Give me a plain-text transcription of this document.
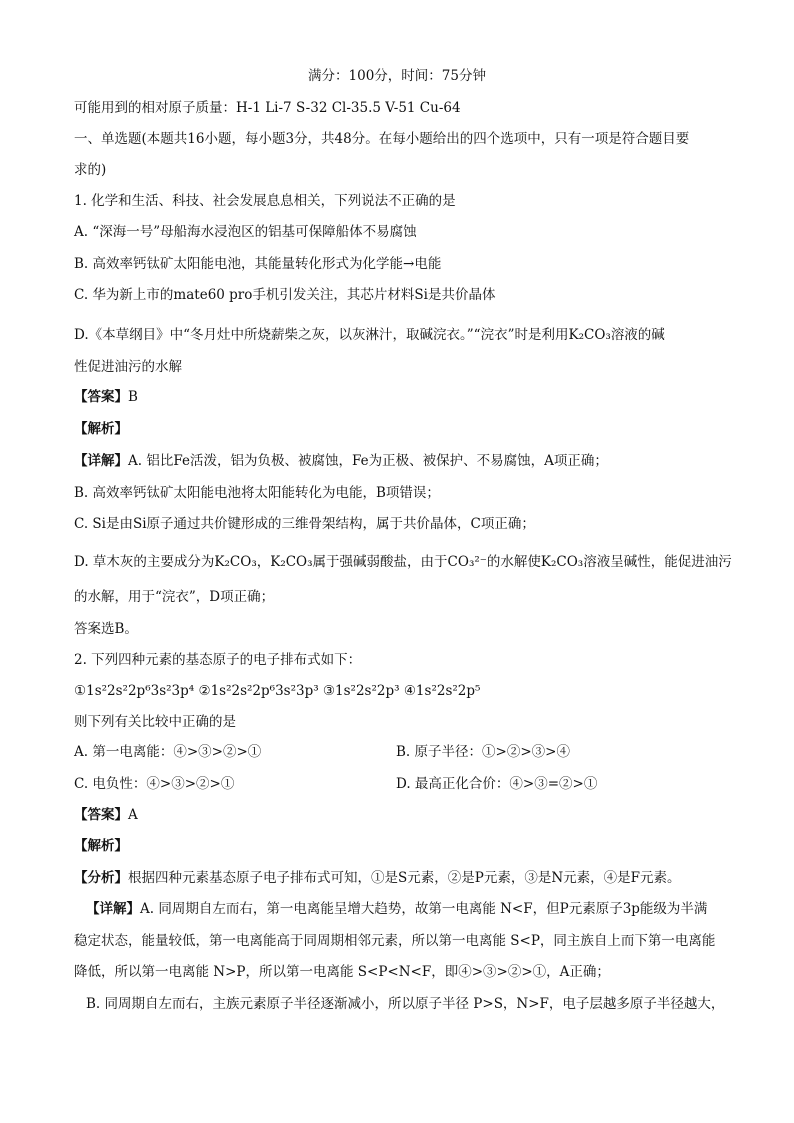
满分：100分，时间：75分钟
可能用到的相对原子质量：H-1 Li-7 S-32 Cl-35.5 V-51 Cu-64
一、单选题(本题共16小题，每小题3分，共48分。在每小题给出的四个选项中，只有一项是符合题目要
求的)
1. 化学和生活、科技、社会发展息息相关，下列说法不正确的是
A. “深海一号”母船海水浸泡区的铝基可保障船体不易腐蚀
B. 高效率钙钛矿太阳能电池，其能量转化形式为化学能→电能
C. 华为新上市的mate60 pro手机引发关注，其芯片材料Si是共价晶体
D.《本草纲目》中“冬月灶中所烧薪柴之灰，以灰淋汁，取碱浣衣。”“浣衣”时是利用K₂CO₃溶液的碱
性促进油污的水解
【答案】B
【解析】
【详解】A. 铝比Fe活泼，铝为负极、被腐蚀，Fe为正极、被保护、不易腐蚀，A项正确；
B. 高效率钙钛矿太阳能电池将太阳能转化为电能，B项错误；
C. Si是由Si原子通过共价键形成的三维骨架结构，属于共价晶体，C项正确；
D. 草木灰的主要成分为K₂CO₃，K₂CO₃属于强碱弱酸盐，由于CO₃²⁻的水解使K₂CO₃溶液呈碱性，能促进油污
的水解，用于“浣衣”，D项正确；
答案选B。
2. 下列四种元素的基态原子的电子排布式如下：
①1s²2s²2p⁶3s²3p⁴ ②1s²2s²2p⁶3s²3p³ ③1s²2s²2p³ ④1s²2s²2p⁵
则下列有关比较中正确的是
A. 第一电离能：④>③>②>①	B. 原子半径：①>②>③>④
C. 电负性：④>③>②>①	D. 最高正化合价：④>③=②>①
【答案】A
【解析】
【分析】根据四种元素基态原子电子排布式可知，①是S元素，②是P元素，③是N元素，④是F元素。
【详解】A. 同周期自左而右，第一电离能呈增大趋势，故第一电离能 N<F，但P元素原子3p能级为半满
稳定状态，能量较低，第一电离能高于同周期相邻元素，所以第一电离能 S<P，同主族自上而下第一电离能
降低，所以第一电离能 N>P，所以第一电离能 S<P<N<F，即④>③>②>①，A正确；
B. 同周期自左而右，主族元素原子半径逐渐减小，所以原子半径 P>S，N>F，电子层越多原子半径越大，
